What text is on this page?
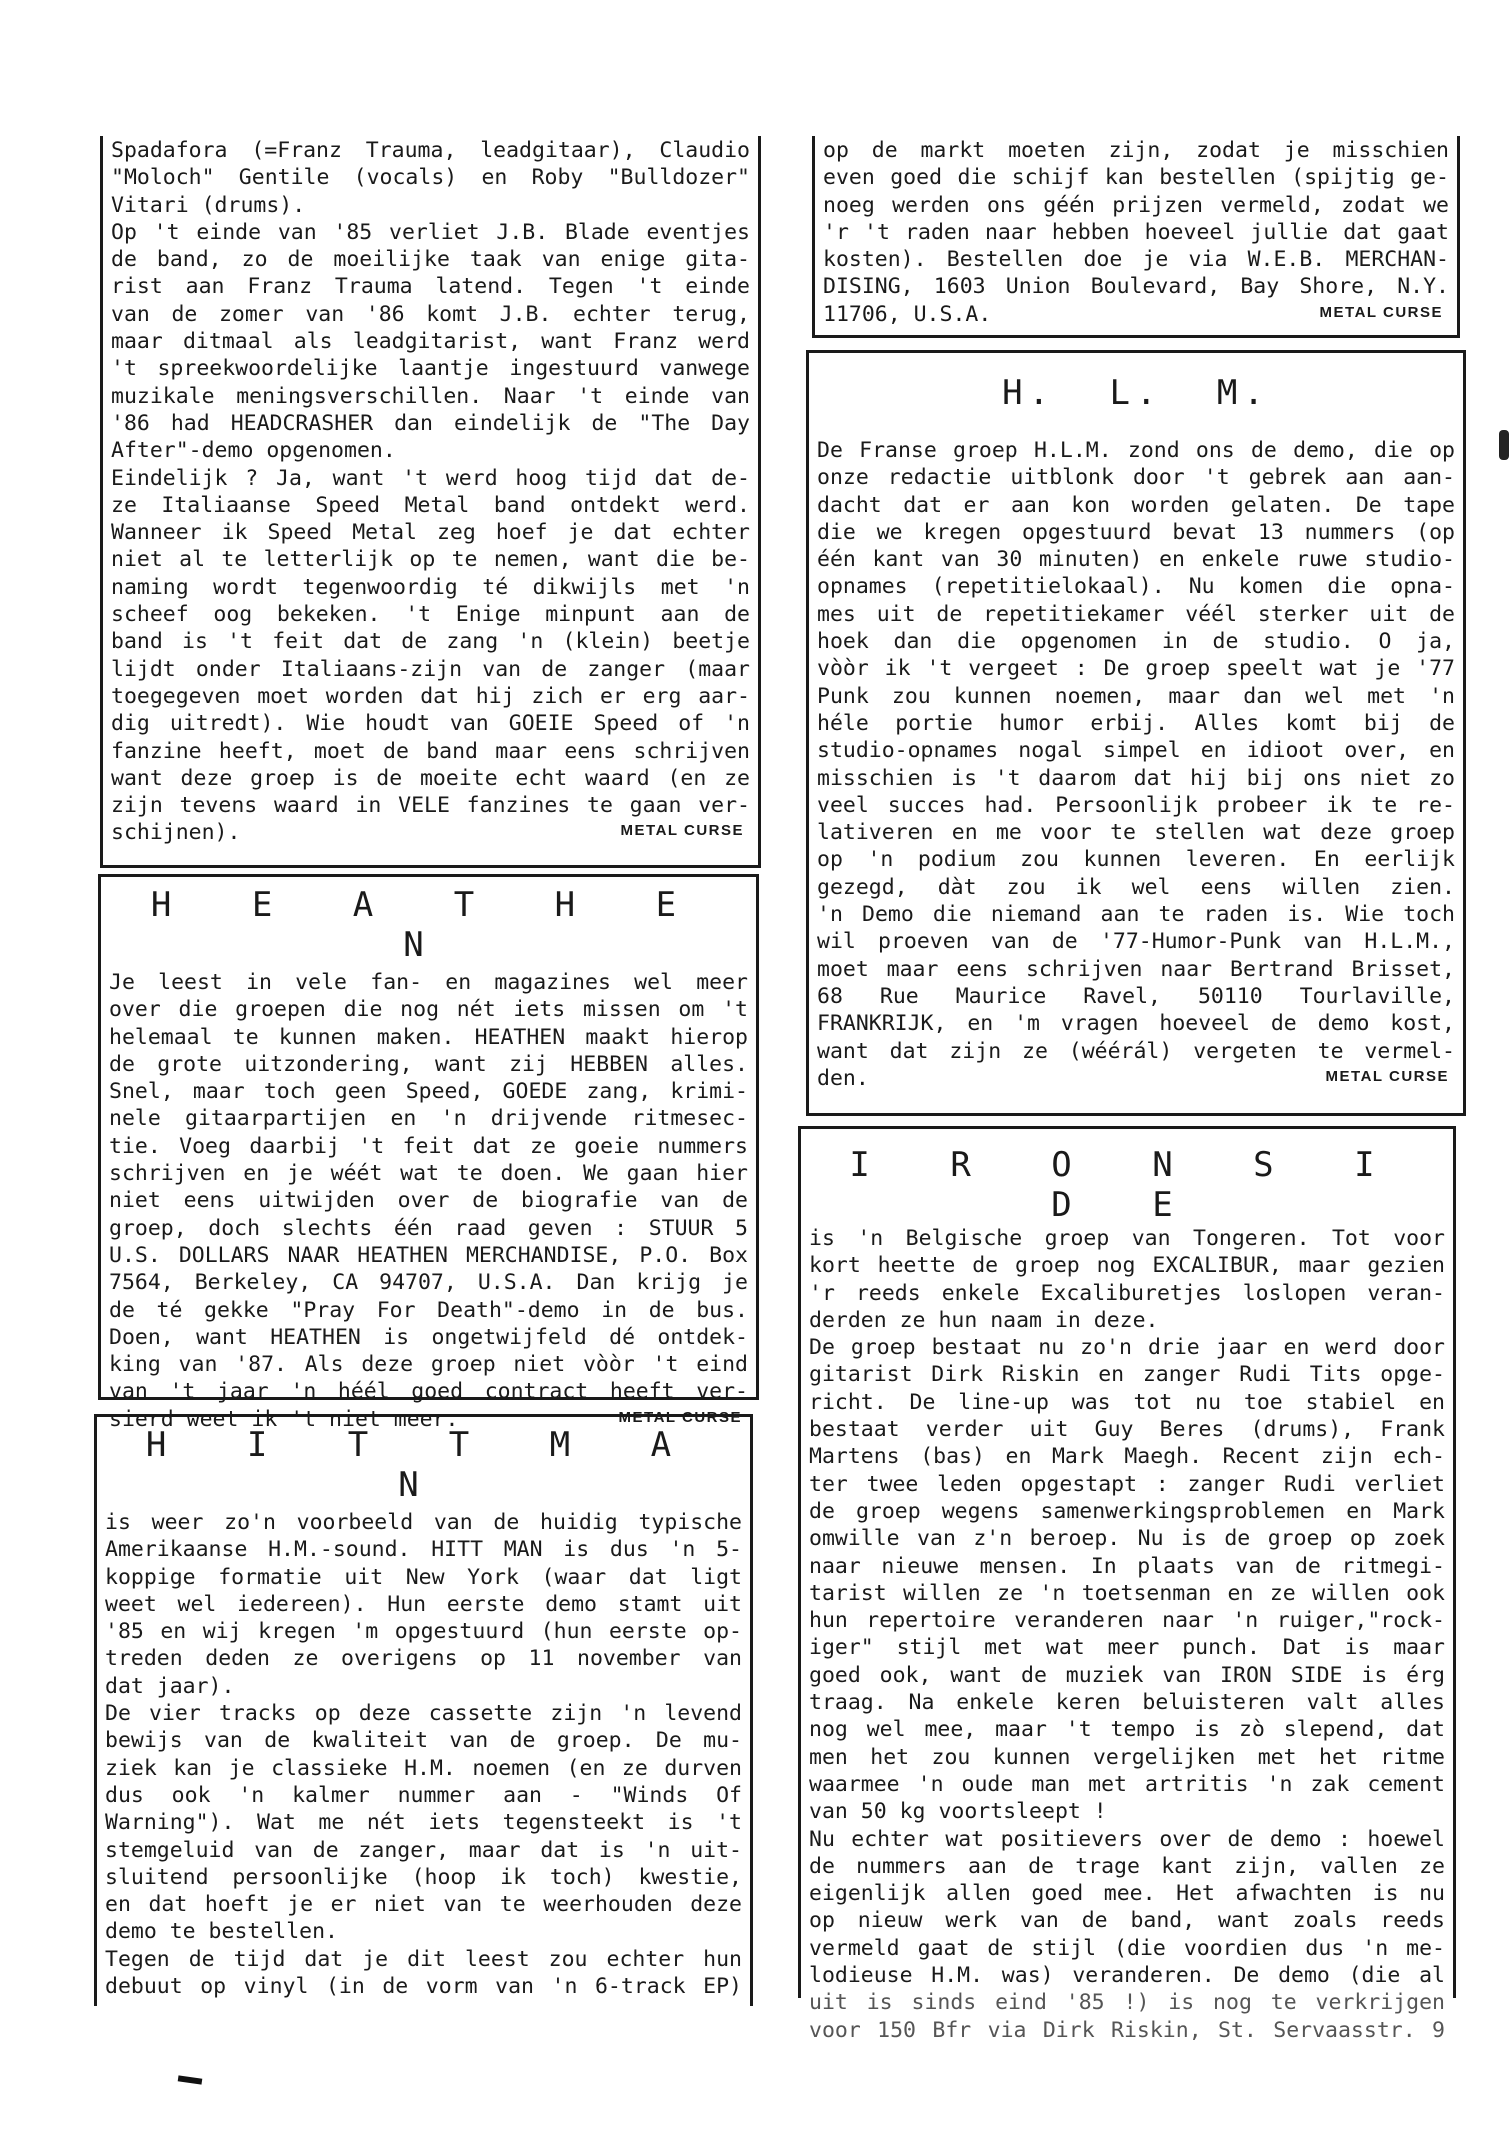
Spadafora (=Franz Trauma, leadgitaar), Claudio
"Moloch" Gentile (vocals) en Roby "Bulldozer"
Vitari (drums).
Op 't einde van '85 verliet J.B. Blade eventjes
de band, zo de moeilijke taak van enige gita-
rist aan Franz Trauma latend. Tegen 't einde
van de zomer van '86 komt J.B. echter terug,
maar ditmaal als leadgitarist, want Franz werd
't spreekwoordelijke laantje ingestuurd vanwege
muzikale meningsverschillen. Naar 't einde van
'86 had HEADCRASHER dan eindelijk de "The Day
After"-demo opgenomen.
Eindelijk ? Ja, want 't werd hoog tijd dat de-
ze Italiaanse Speed Metal band ontdekt werd.
Wanneer ik Speed Metal zeg hoef je dat echter
niet al te letterlijk op te nemen, want die be-
naming wordt tegenwoordig té dikwijls met 'n
scheef oog bekeken. 't Enige minpunt aan de
band is 't feit dat de zang 'n (klein) beetje
lijdt onder Italiaans-zijn van de zanger (maar
toegegeven moet worden dat hij zich er erg aar-
dig uitredt). Wie houdt van GOEIE Speed of 'n
fanzine heeft, moet de band maar eens schrijven
want deze groep is de moeite echt waard (en ze
zijn tevens waard in VELE fanzines te gaan ver-
schijnen).	METAL CURSE
H E A T H E N
Je leest in vele fan- en magazines wel meer
over die groepen die nog nét iets missen om 't
helemaal te kunnen maken. HEATHEN maakt hierop
de grote uitzondering, want zij HEBBEN alles.
Snel, maar toch geen Speed, GOEDE zang, krimi-
nele gitaarpartijen en 'n drijvende ritmesec-
tie. Voeg daarbij 't feit dat ze goeie nummers
schrijven en je wéét wat te doen. We gaan hier
niet eens uitwijden over de biografie van de
groep, doch slechts één raad geven : STUUR 5
U.S. DOLLARS NAAR HEATHEN MERCHANDISE, P.O. Box
7564, Berkeley, CA 94707, U.S.A. Dan krijg je
de té gekke "Pray For Death"-demo in de bus.
Doen, want HEATHEN is ongetwijfeld dé ontdek-
king van '87. Als deze groep niet vòòr 't eind
van 't jaar 'n héél goed contract heeft ver-
sierd weet ik 't niet meer.	METAL CURSE
H I T T M A N
is weer zo'n voorbeeld van de huidig typische
Amerikaanse H.M.-sound. HITT MAN is dus 'n 5-
koppige formatie uit New York (waar dat ligt
weet wel iedereen). Hun eerste demo stamt uit
'85 en wij kregen 'm opgestuurd (hun eerste op-
treden deden ze overigens op 11 november van
dat jaar).
De vier tracks op deze cassette zijn 'n levend
bewijs van de kwaliteit van de groep. De mu-
ziek kan je classieke H.M. noemen (en ze durven
dus ook 'n kalmer nummer aan - "Winds Of
Warning"). Wat me nét iets tegensteekt is 't
stemgeluid van de zanger, maar dat is 'n uit-
sluitend persoonlijke (hoop ik toch) kwestie,
en dat hoeft je er niet van te weerhouden deze
demo te bestellen.
Tegen de tijd dat je dit leest zou echter hun
debuut op vinyl (in de vorm van 'n 6-track EP)
op de markt moeten zijn, zodat je misschien
even goed die schijf kan bestellen (spijtig ge-
noeg werden ons géén prijzen vermeld, zodat we
'r 't raden naar hebben hoeveel jullie dat gaat
kosten). Bestellen doe je via W.E.B. MERCHAN-
DISING, 1603 Union Boulevard, Bay Shore, N.Y.
11706, U.S.A.	METAL CURSE
H. L. M.
De Franse groep H.L.M. zond ons de demo, die op
onze redactie uitblonk door 't gebrek aan aan-
dacht dat er aan kon worden gelaten. De tape
die we kregen opgestuurd bevat 13 nummers (op
één kant van 30 minuten) en enkele ruwe studio-
opnames (repetitielokaal). Nu komen die opna-
mes uit de repetitiekamer véél sterker uit de
hoek dan die opgenomen in de studio. O ja,
vòòr ik 't vergeet : De groep speelt wat je '77
Punk zou kunnen noemen, maar dan wel met 'n
héle portie humor erbij. Alles komt bij de
studio-opnames nogal simpel en idioot over, en
misschien is 't daarom dat hij bij ons niet zo
veel succes had. Persoonlijk probeer ik te re-
lativeren en me voor te stellen wat deze groep
op 'n podium zou kunnen leveren. En eerlijk
gezegd, dàt zou ik wel eens willen zien.
'n Demo die niemand aan te raden is. Wie toch
wil proeven van de '77-Humor-Punk van H.L.M.,
moet maar eens schrijven naar Bertrand Brisset,
68 Rue Maurice Ravel, 50110 Tourlaville,
FRANKRIJK, en 'm vragen hoeveel de demo kost,
want dat zijn ze (wéérál) vergeten te vermel-
den.	METAL CURSE
I R O N S I D E
is 'n Belgische groep van Tongeren. Tot voor
kort heette de groep nog EXCALIBUR, maar gezien
'r reeds enkele Excaliburetjes loslopen veran-
derden ze hun naam in deze.
De groep bestaat nu zo'n drie jaar en werd door
gitarist Dirk Riskin en zanger Rudi Tits opge-
richt. De line-up was tot nu toe stabiel en
bestaat verder uit Guy Beres (drums), Frank
Martens (bas) en Mark Maegh. Recent zijn ech-
ter twee leden opgestapt : zanger Rudi verliet
de groep wegens samenwerkingsproblemen en Mark
omwille van z'n beroep. Nu is de groep op zoek
naar nieuwe mensen. In plaats van de ritmegi-
tarist willen ze 'n toetsenman en ze willen ook
hun repertoire veranderen naar 'n ruiger,"rock-
iger" stijl met wat meer punch. Dat is maar
goed ook, want de muziek van IRON SIDE is érg
traag. Na enkele keren beluisteren valt alles
nog wel mee, maar 't tempo is zò slepend, dat
men het zou kunnen vergelijken met het ritme
waarmee 'n oude man met artritis 'n zak cement
van 50 kg voortsleept !
Nu echter wat positievers over de demo : hoewel
de nummers aan de trage kant zijn, vallen ze
eigenlijk allen goed mee. Het afwachten is nu
op nieuw werk van de band, want zoals reeds
vermeld gaat de stijl (die voordien dus 'n me-
lodieuse H.M. was) veranderen. De demo (die al
uit is sinds eind '85 !) is nog te verkrijgen
voor 150 Bfr via Dirk Riskin, St. Servaasstr. 9
